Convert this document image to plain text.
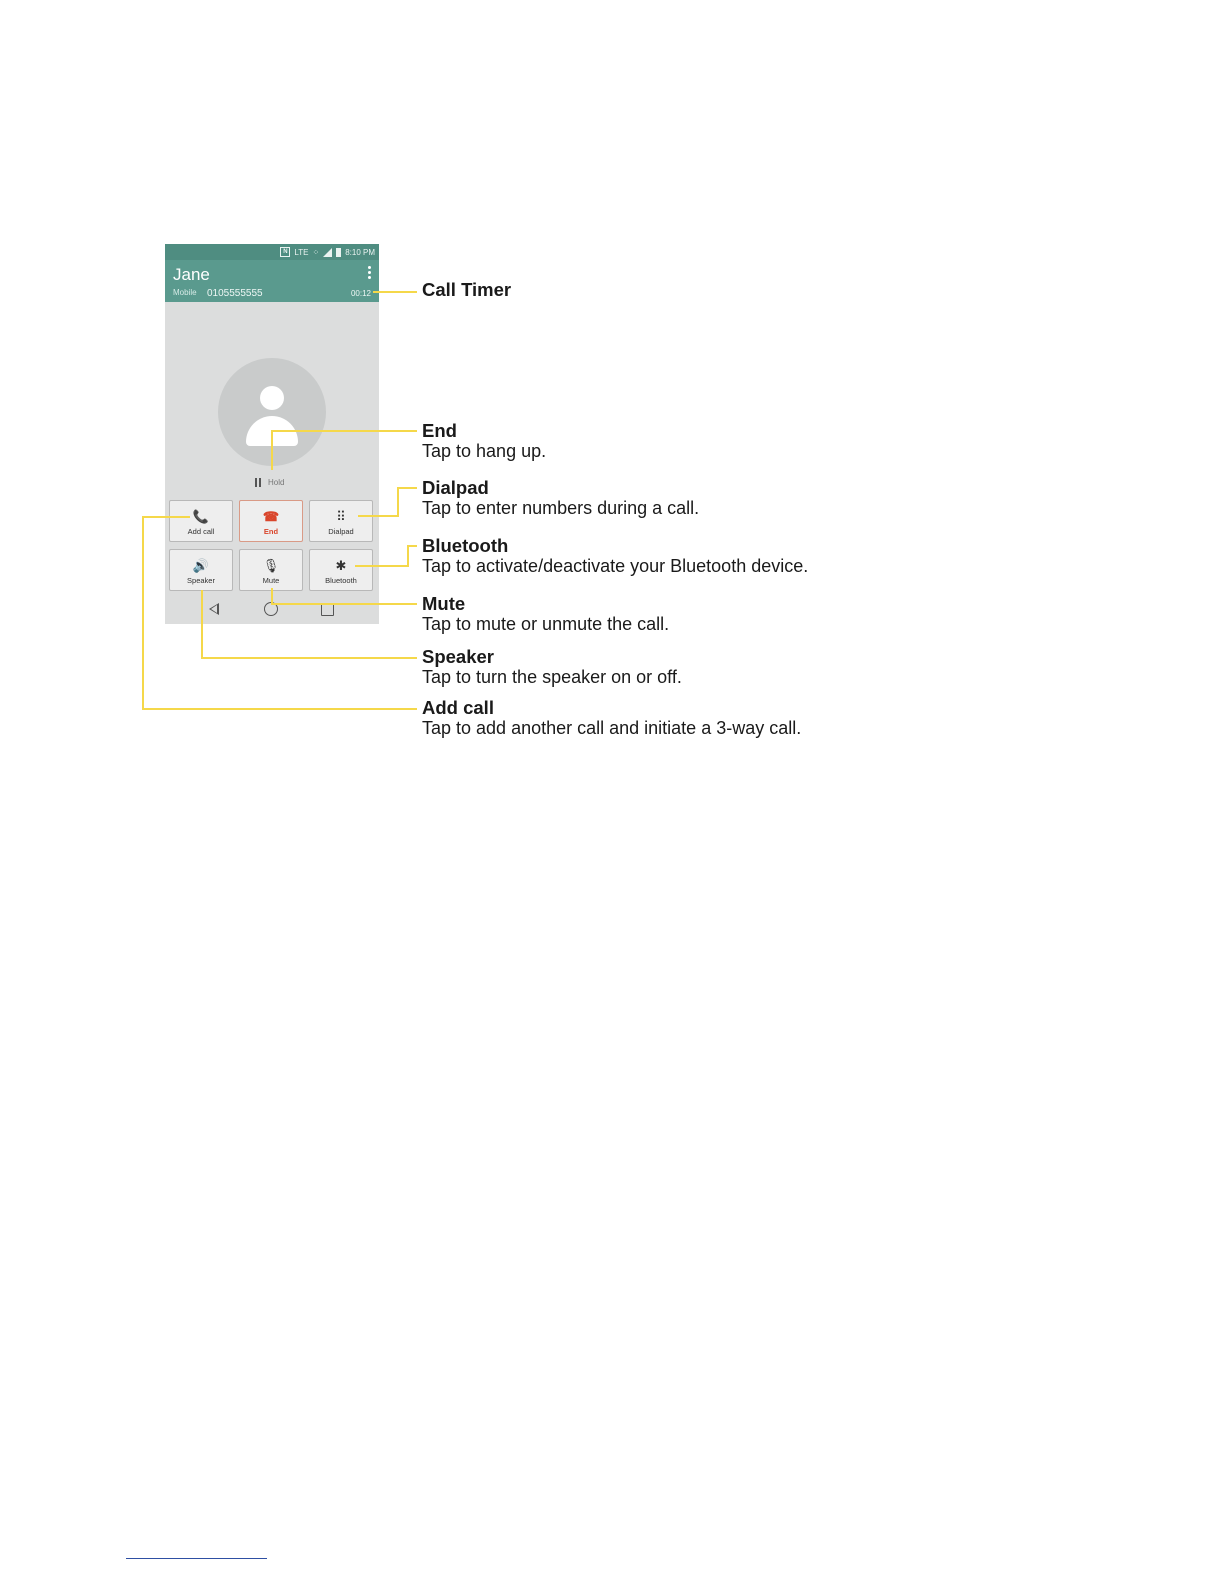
N LTE ⁘	8:10 PM
Jane
Mobile 0105555555	00:12
Hold
📞
Add call
☎
End
⠿
Dialpad
🔊
Speaker
🎙
Mute
✱
Bluetooth
Call Timer
End
Tap to hang up.
Dialpad
Tap to enter numbers during a call.
Bluetooth
Tap to activate/deactivate your Bluetooth device.
Mute
Tap to mute or unmute the call.
Speaker
Tap to turn the speaker on or off.
Add call
Tap to add another call and initiate a 3-way call.
